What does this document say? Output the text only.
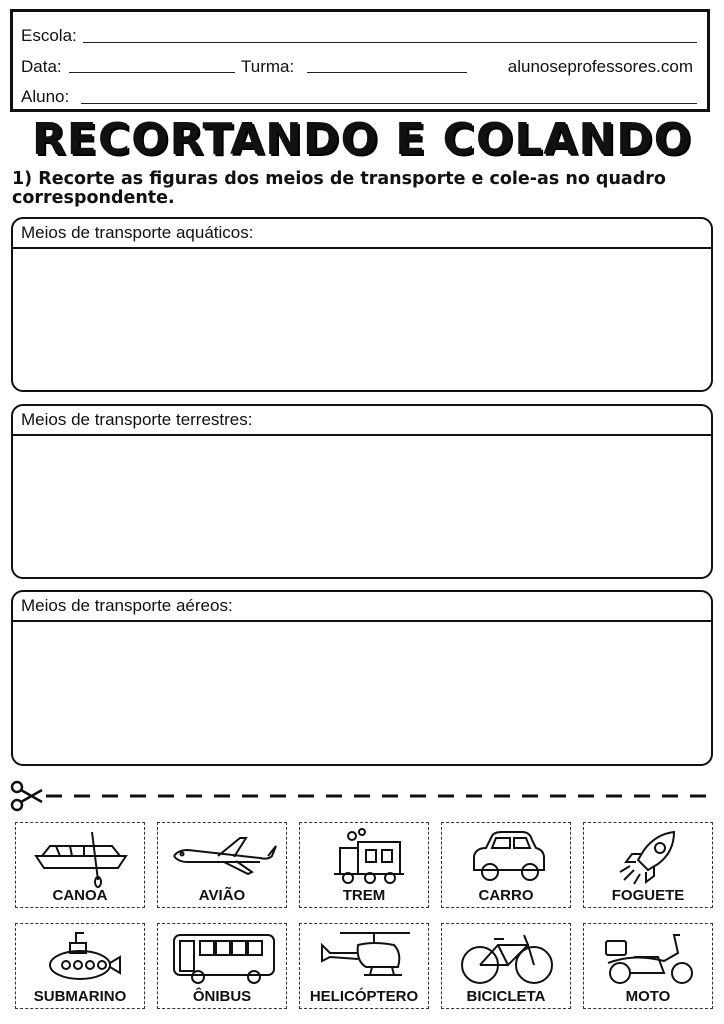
Escola:
Data:	Turma:	alunoseprofessores.com
Aluno:
RECORTANDO E COLANDO
1) Recorte as figuras dos meios de transporte e cole-as no quadro correspondente.
Meios de transporte aquáticos:
Meios de transporte terrestres:
Meios de transporte aéreos:
CANOA	AVIÃO	TREM	CARRO	FOGUETE
SUBMARINO	ÔNIBUS	HELICÓPTERO	BICICLETA	MOTO
